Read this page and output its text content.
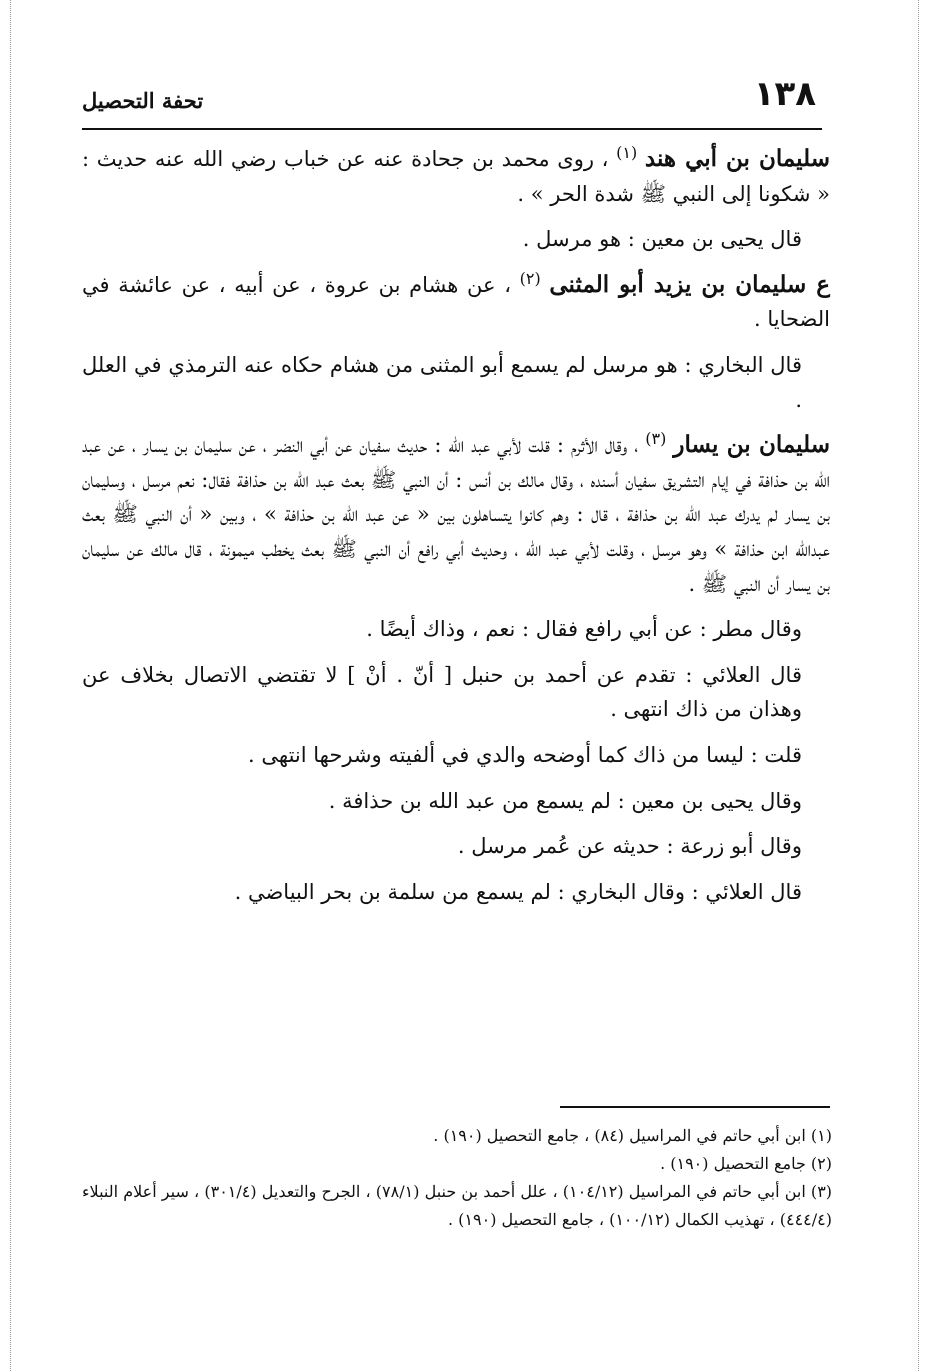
١٣٨
تحفة التحصيل

سليمان بن أبي هند $^{(١)}$ ، روى محمد بن جحادة عنه عن خباب رضي الله عنه حديث : « شكونا إلى النبي ﷺ شدة الحر » .

قال يحيى بن معين : هو مرسل .

ع سليمان بن يزيد أبو المثنى $^{(٢)}$ ، عن هشام بن عروة ، عن أبيه ، عن عائشة في الضحايا .

قال البخاري : هو مرسل لم يسمع أبو المثنى من هشام حكاه عنه الترمذي في العلل .

سليمان بن يسار $^{(٣)}$ ، وقال الأثرم : قلت لأبي عبد الله : حديث سفيان عن أبي النضر ، عن سليمان بن يسار ، عن عبد الله بن حذافة في إيام التشريق سفيان أسنده ، وقال مالك بن أنس : أن النبي ﷺ بعث عبد الله بن حذافة فقال: نعم مرسل ، وسليمان بن يسار لم يدرك عبد الله بن حذافة ، قال : وهم كانوا يتساهلون بين « عن عبد الله بن حذافة » ، وبين « أن النبي ﷺ بعث عبدالله ابن حذافة » وهو مرسل ، وقلت لأبي عبد الله ، وحديث أبي رافع أن النبي ﷺ بعث يخطب ميمونة ، قال مالك عن سليمان بن يسار أن النبي ﷺ .

وقال مطر : عن أبي رافع فقال : نعم ، وذاك أيضًا .

قال العلائي : تقدم عن أحمد بن حنبل [ أنّ . أنْ ] لا تقتضي الاتصال بخلاف عن وهذان من ذاك انتهى .

قلت : ليسا من ذاك كما أوضحه والدي في ألفيته وشرحها انتهى .

وقال يحيى بن معين : لم يسمع من عبد الله بن حذافة .

وقال أبو زرعة : حديثه عن عُمر مرسل .

قال العلائي : وقال البخاري : لم يسمع من سلمة بن بحر البياضي .

(١) ابن أبي حاتم في المراسيل (٨٤) ، جامع التحصيل (١٩٠) .

(٢) جامع التحصيل (١٩٠) .

(٣) ابن أبي حاتم في المراسيل (١٠٤/١٢) ، علل أحمد بن حنبل (٧٨/١) ، الجرح والتعديل (٣٠١/٤) ، سير أعلام النبلاء (٤٤٤/٤) ، تهذيب الكمال (١٠٠/١٢) ، جامع التحصيل (١٩٠) .
